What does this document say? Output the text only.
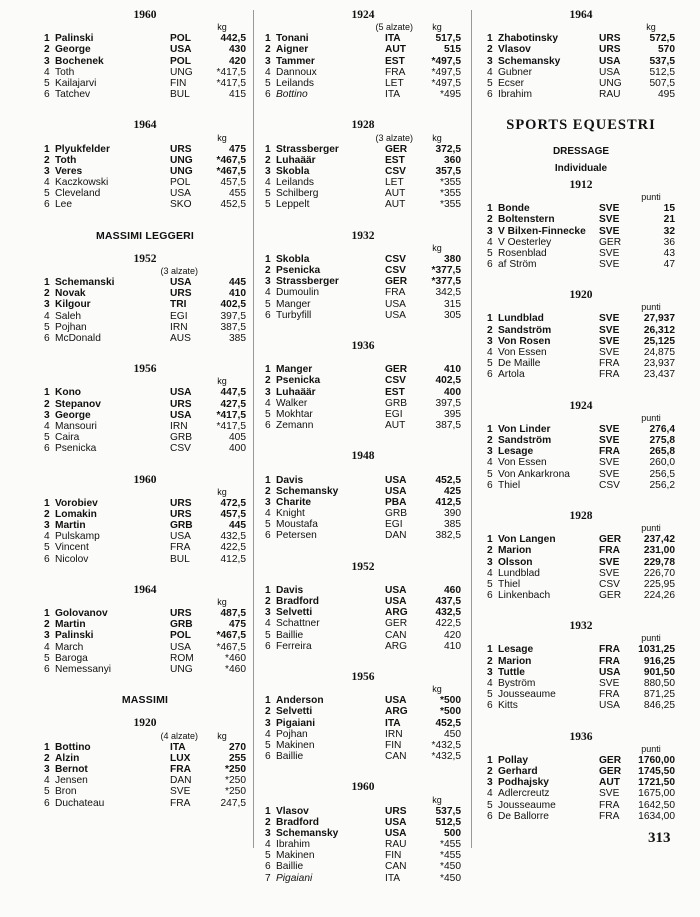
1960
kg
1 Palinski	POL	442,5
2 George	USA	430
3 Bochenek	POL	420
4 Toth	UNG	*417,5
5 Kailajarvi	FIN	*417,5
6 Tatchev	BUL	415
1964
kg
1 Plyukfelder	URS	475
2 Toth	UNG	*467,5
3 Veres	UNG	*467,5
4 Kaczkowski	POL	457,5
5 Cleveland	USA	455
6 Lee	SKO	452,5
MASSIMI LEGGERI
1952
(3 alzate)
1 Schemanski	USA	445
2 Novak	URS	410
3 Kilgour	TRI	402,5
4 Saleh	EGI	397,5
5 Pojhan	IRN	387,5
6 McDonald	AUS	385
1956
kg
1 Kono	USA	447,5
2 Stepanov	URS	427,5
3 George	USA	*417,5
4 Mansouri	IRN	*417,5
5 Caira	GRB	405
6 Psenicka	CSV	400
1960
kg
1 Vorobiev	URS	472,5
2 Lomakin	URS	457,5
3 Martin	GRB	445
4 Pulskamp	USA	432,5
5 Vincent	FRA	422,5
6 Nicolov	BUL	412,5
1964
kg
1 Golovanov	URS	487,5
2 Martin	GRB	475
3 Palinski	POL	*467,5
4 March	USA	*467,5
5 Baroga	ROM	*460
6 Nemessanyi	UNG	*460
MASSIMI
1920
(4 alzate)	kg
1 Bottino	ITA	270
2 Alzin	LUX	255
3 Bernot	FRA	*250
4 Jensen	DAN	*250
5 Bron	SVE	*250
6 Duchateau	FRA	247,5
1924
(5 alzate)	kg
1 Tonani	ITA	517,5
2 Aigner	AUT	515
3 Tammer	EST	*497,5
4 Dannoux	FRA	*497,5
5 Leilands	LET	*497,5
6 Bottino	ITA	*495
1928
(3 alzate)	kg
1 Strassberger	GER	372,5
2 Luhaäär	EST	360
3 Skobla	CSV	357,5
4 Leilands	LET	*355
5 Schilberg	AUT	*355
5 Leppelt	AUT	*355
1932
kg
1 Skobla	CSV	380
2 Psenicka	CSV	*377,5
3 Strassberger	GER	*377,5
4 Dumoulin	FRA	342,5
5 Manger	USA	315
6 Turbyfill	USA	305
1936
1 Manger	GER	410
2 Psenicka	CSV	402,5
3 Luhaäär	EST	400
4 Walker	GRB	397,5
5 Mokhtar	EGI	395
6 Zemann	AUT	387,5
1948
1 Davis	USA	452,5
2 Schemansky	USA	425
3 Charite	PBA	412,5
4 Knight	GRB	390
5 Moustafa	EGI	385
6 Petersen	DAN	382,5
1952
1 Davis	USA	460
2 Bradford	USA	437,5
3 Selvetti	ARG	432,5
4 Schattner	GER	422,5
5 Baillie	CAN	420
6 Ferreira	ARG	410
1956
kg
1 Anderson	USA	*500
2 Selvetti	ARG	*500
3 Pigaiani	ITA	452,5
4 Pojhan	IRN	450
5 Makinen	FIN	*432,5
6 Baillie	CAN	*432,5
1960
kg
1 Vlasov	URS	537,5
2 Bradford	USA	512,5
3 Schemansky	USA	500
4 Ibrahim	RAU	*455
5 Makinen	FIN	*455
6 Baillie	CAN	*450
7 Pigaiani	ITA	*450
1964
kg
1 Zhabotinsky	URS	572,5
2 Vlasov	URS	570
3 Schemansky	USA	537,5
4 Gubner	USA	512,5
5 Ecser	UNG	507,5
6 Ibrahim	RAU	495
SPORTS EQUESTRI
DRESSAGE
Individuale
1912
punti
1 Bonde	SVE	15
2 Boltenstern	SVE	21
3 V Bilxen-Finnecke	SVE	32
4 V Oesterley	GER	36
5 Rosenblad	SVE	43
6 af Ström	SVE	47
1920
punti
1 Lundblad	SVE	27,937
2 Sandström	SVE	26,312
3 Von Rosen	SVE	25,125
4 Von Essen	SVE	24,875
5 De Maille	FRA	23,937
6 Artola	FRA	23,437
1924
punti
1 Von Linder	SVE	276,4
2 Sandström	SVE	275,8
3 Lesage	FRA	265,8
4 Von Essen	SVE	260,0
5 Von Ankarkrona	SVE	256,5
6 Thiel	CSV	256,2
1928
punti
1 Von Langen	GER	237,42
2 Marion	FRA	231,00
3 Olsson	SVE	229,78
4 Lundblad	SVE	226,70
5 Thiel	CSV	225,95
6 Linkenbach	GER	224,26
1932
punti
1 Lesage	FRA	1031,25
2 Marion	FRA	916,25
3 Tuttle	USA	901,50
4 Byström	SVE	880,50
5 Jousseaume	FRA	871,25
6 Kitts	USA	846,25
1936
punti
1 Pollay	GER	1760,00
2 Gerhard	GER	1745,50
3 Podhajsky	AUT	1721,50
4 Adlercreutz	SVE	1675,00
5 Jousseaume	FRA	1642,50
6 De Ballorre	FRA	1634,00
313
